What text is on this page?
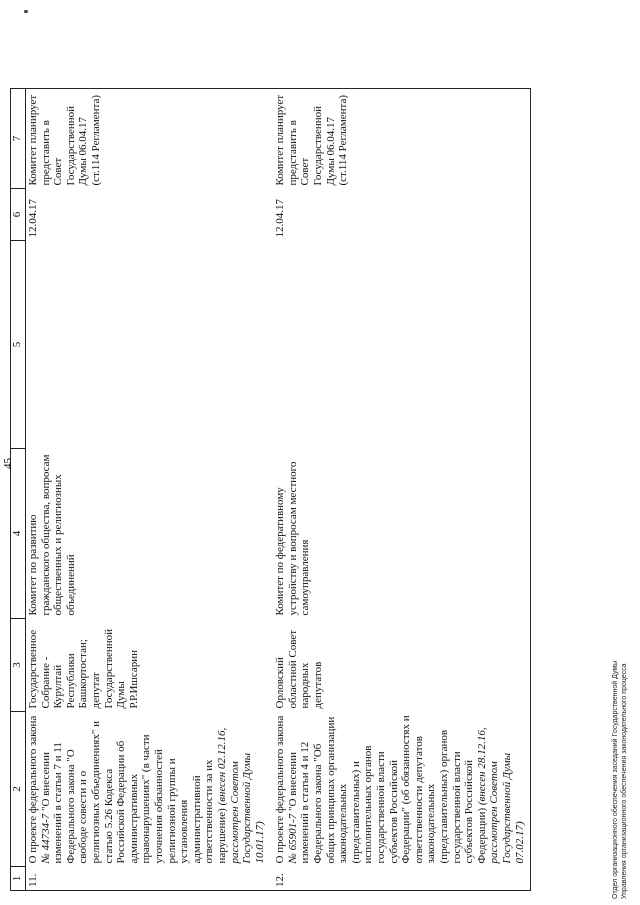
45
1	2	3	4	5	6	7
11.	О проекте федерального закона № 44734-7 "О внесении изменений в статьи 7 и 11 Федерального закона "О свободе совести и о религиозных объединениях" и статью 5.26 Кодекса Российской Федерации об административных правонарушениях" (в части уточнения обязанностей религиозной группы и установления административной ответственности за их нарушение) (внесен 02.12.16, рассмотрен Советом Государственной Думы 10.01.17)	Государственное Собрание - Курултай Республики Башкортостан; депутат Государственной Думы Р.Р.Ишсарин	Комитет по развитию гражданского общества, вопросам общественных и религиозных объединений		12.04.17	Комитет планирует представить в Совет Государственной Думы 06.04.17 (ст.114 Регламента)
12.	О проекте федерального закона № 65901-7 "О внесении изменений в статьи 4 и 12 Федерального закона "Об общих принципах организации законодательных (представительных) и исполнительных органов государственной власти субъектов Российской Федерации" (об обязанностях и ответственности депутатов законодательных (представительных) органов государственной власти субъектов Российской Федерации) (внесен 28.12.16, рассмотрен Советом Государственной Думы 07.02.17)	Орловский областной Совет народных депутатов	Комитет по федеративному устройству и вопросам местного самоуправления		12.04.17	Комитет планирует представить в Совет Государственной Думы 06.04.17 (ст.114 Регламента)
Отдел организационного обеспечения заседаний Государственной Думы Управления организационного обеспечения законодательного процесса
